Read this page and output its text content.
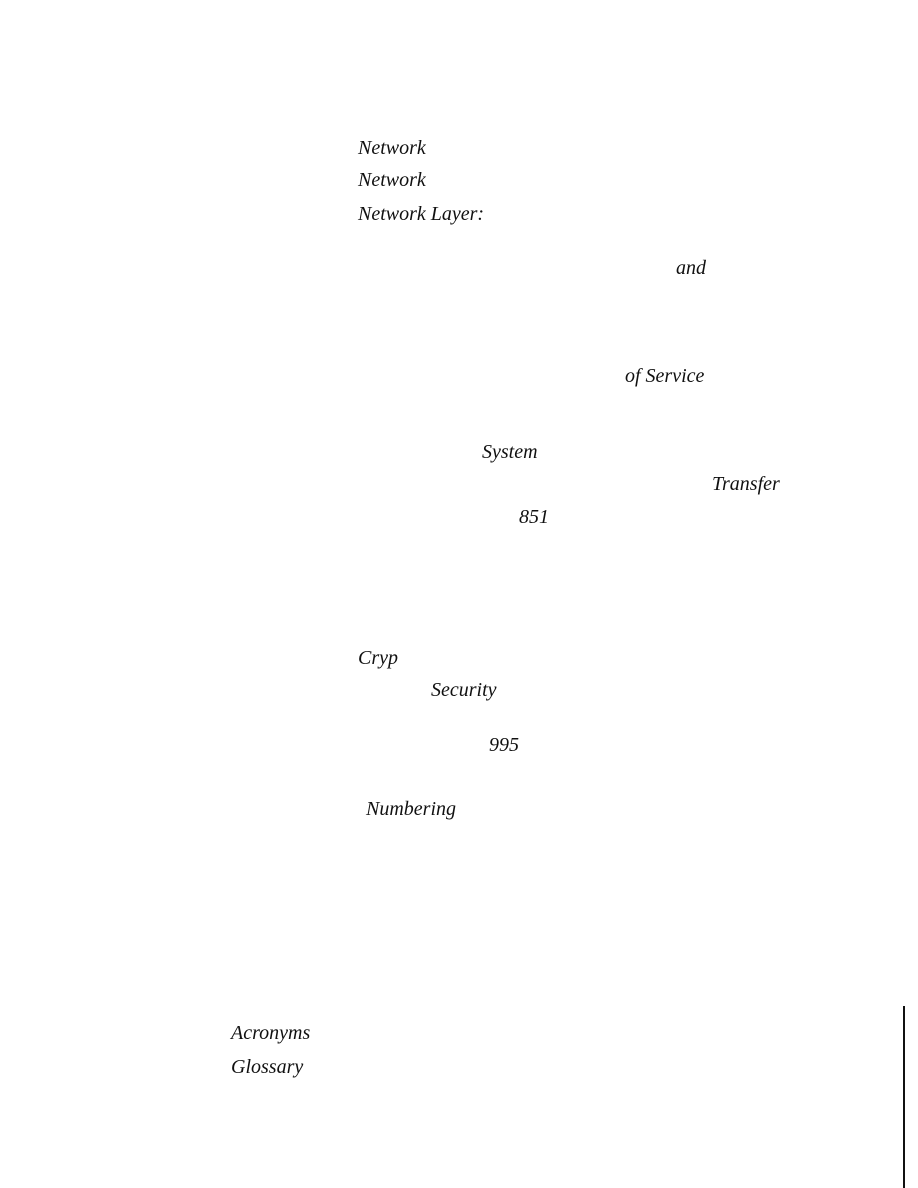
Network
Network
Network Layer:
and
of Service
System
Transfer
851
Cryp
Security
995
Numbering
Acronyms
Glossary
